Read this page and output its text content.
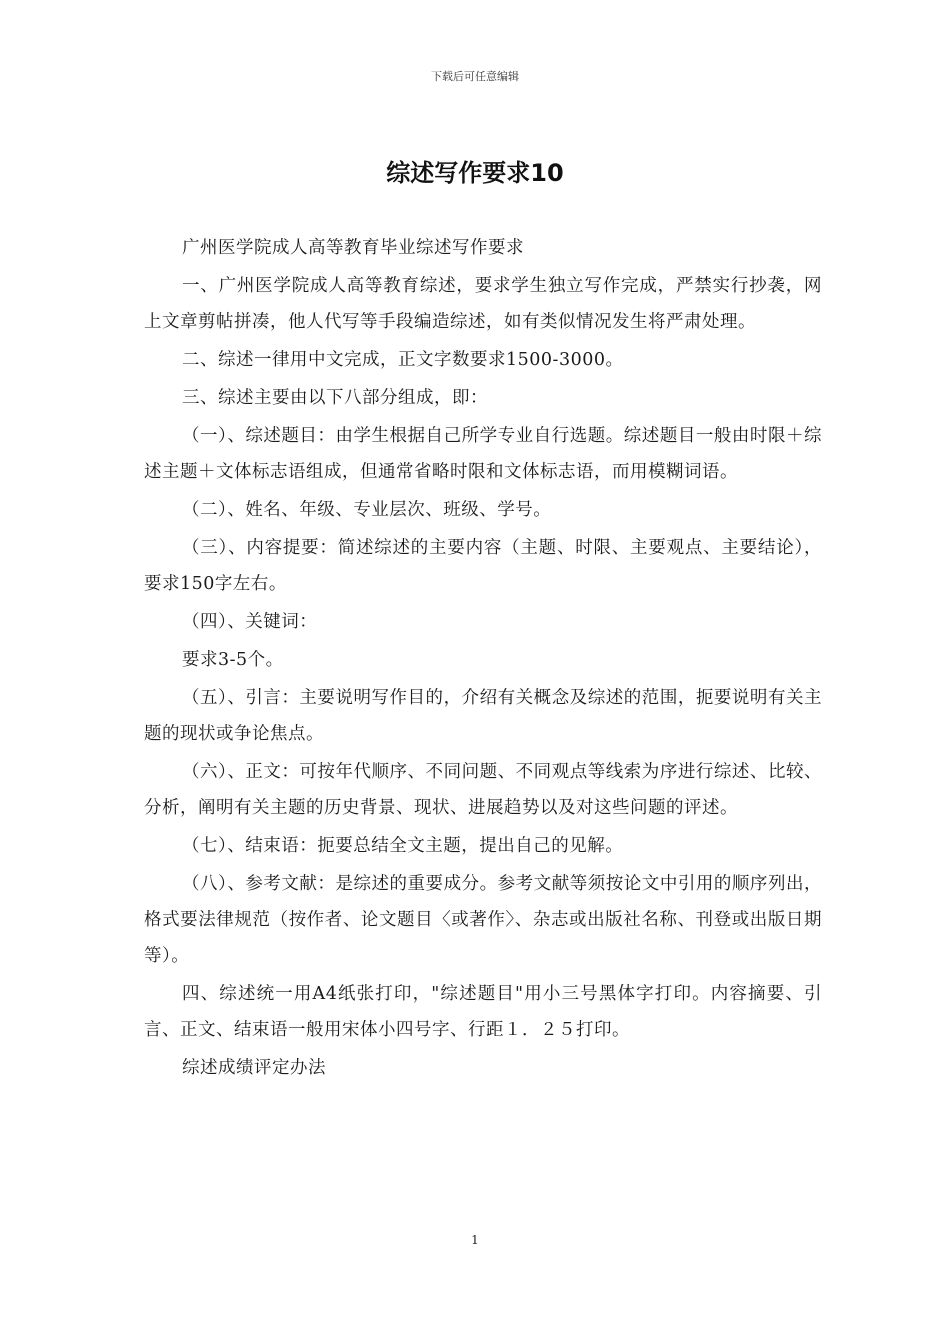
下载后可任意编辑
综述写作要求10

广州医学院成人高等教育毕业综述写作要求

一、广州医学院成人高等教育综述，要求学生独立写作完成，严禁实行抄袭，网上文章剪帖拼凑，他人代写等手段编造综述，如有类似情况发生将严肃处理。

二、综述一律用中文完成，正文字数要求1500-3000。

三、综述主要由以下八部分组成，即：

（一）、综述题目：由学生根据自己所学专业自行选题。综述题目一般由时限＋综述主题＋文体标志语组成，但通常省略时限和文体标志语，而用模糊词语。

（二）、姓名、年级、专业层次、班级、学号。

（三）、内容提要：简述综述的主要内容（主题、时限、主要观点、主要结论），要求150字左右。

（四）、关键词：

要求3-5个。

（五）、引言：主要说明写作目的，介绍有关概念及综述的范围，扼要说明有关主题的现状或争论焦点。

（六）、正文：可按年代顺序、不同问题、不同观点等线索为序进行综述、比较、分析，阐明有关主题的历史背景、现状、进展趋势以及对这些问题的评述。

（七）、结束语：扼要总结全文主题，提出自己的见解。

（八）、参考文献：是综述的重要成分。参考文献等须按论文中引用的顺序列出，格式要法律规范（按作者、论文题目〈或著作〉、杂志或出版社名称、刊登或出版日期等）。

四、综述统一用A4纸张打印，"综述题目"用小三号黑体字打印。内容摘要、引言、正文、结束语一般用宋体小四号字、行距１．２５打印。

综述成绩评定办法

1
